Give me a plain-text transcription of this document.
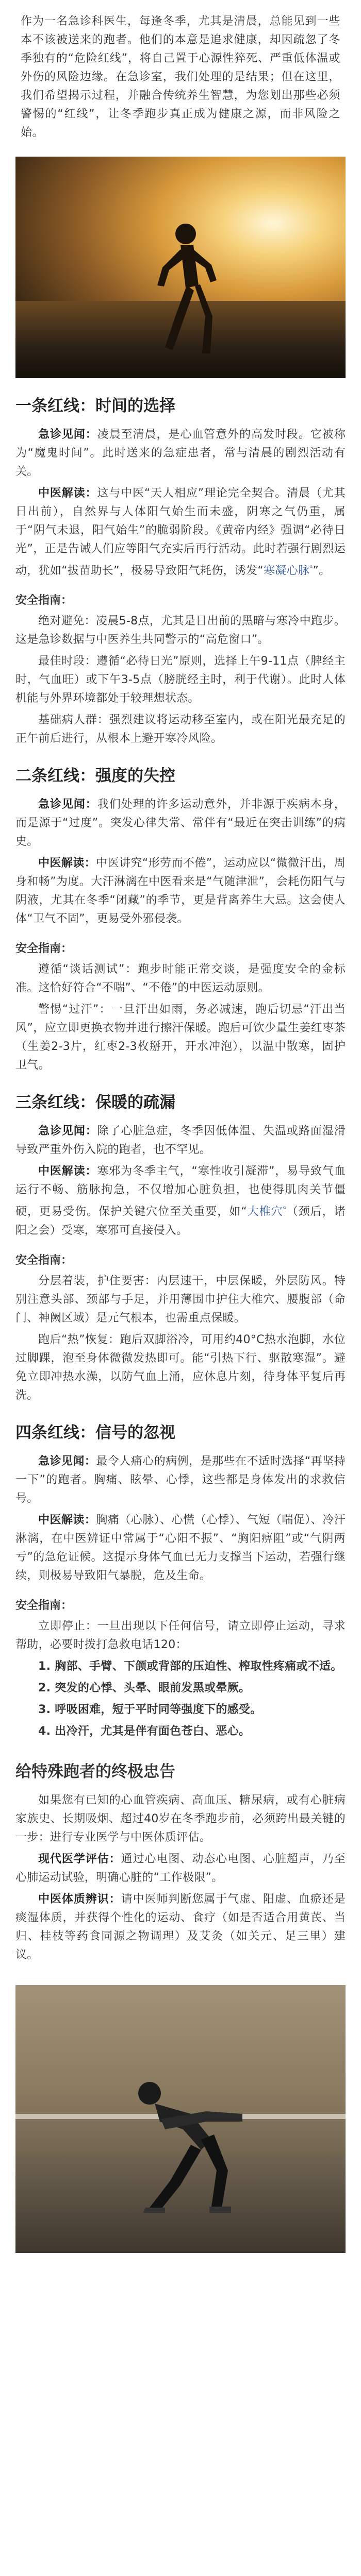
作为一名急诊科医生，每逢冬季，尤其是清晨，总能见到一些本不该被送来的跑者。他们的本意是追求健康，却因疏忽了冬季独有的“危险红线”，将自己置于心源性猝死、严重低体温或外伤的风险边缘。在急诊室，我们处理的是结果；但在这里，我们希望揭示过程，并融合传统养生智慧，为您划出那些必须警惕的“红线”，让冬季跑步真正成为健康之源，而非风险之始。

一条红线：时间的选择

急诊见闻：凌晨至清晨，是心血管意外的高发时段。它被称为“魔鬼时间”。此时送来的急症患者，常与清晨的剧烈活动有关。

中医解读：这与中医“天人相应”理论完全契合。清晨（尤其日出前），自然界与人体阳气始生而未盛，阴寒之气仍重，属于“阴气未退，阳气始生”的脆弱阶段。《黄帝内经》强调“必待日光”，正是告诫人们应等阳气充实后再行活动。此时若强行剧烈运动，犹如“拔苗助长”，极易导致阳气耗伤，诱发“寒凝心脉$^ᴳ$”。

安全指南：

绝对避免：凌晨5-8点，尤其是日出前的黑暗与寒冷中跑步。这是急诊数据与中医养生共同警示的“高危窗口”。

最佳时段：遵循“必待日光”原则，选择上午9-11点（脾经主时，气血旺）或下午3-5点（膀胱经主时，利于代谢）。此时人体机能与外界环境都处于较理想状态。

基础病人群：强烈建议将运动移至室内，或在阳光最充足的正午前后进行，从根本上避开寒冷风险。

二条红线：强度的失控

急诊见闻：我们处理的许多运动意外，并非源于疾病本身，而是源于“过度”。突发心律失常、常伴有“最近在突击训练”的病史。

中医解读：中医讲究“形劳而不倦”，运动应以“微微汗出，周身和畅”为度。大汗淋漓在中医看来是“气随津泄”，会耗伤阳气与阴液，尤其在冬季“闭藏”的季节，更是背离养生大忌。这会使人体“卫气不固”，更易受外邪侵袭。

安全指南：

遵循“谈话测试”：跑步时能正常交谈，是强度安全的金标准。这恰好符合“不喘”、“不倦”的中医运动原则。

警惕“过汗”：一旦汗出如雨，务必减速，跑后切忌“汗出当风”，应立即更换衣物并进行擦汗保暖。跑后可饮少量生姜红枣茶（生姜2-3片，红枣2-3枚掰开，开水冲泡），以温中散寒，固护卫气。

三条红线：保暖的疏漏

急诊见闻：除了心脏急症，冬季因低体温、失温或路面湿滑导致严重外伤入院的跑者，也不罕见。

中医解读：寒邪为冬季主气，“寒性收引凝滞”，易导致气血运行不畅、筋脉拘急，不仅增加心脏负担，也使得肌肉关节僵硬，更易受伤。保护关键穴位至关重要，如“大椎穴$^ᴳ$（颈后，诸阳之会）受寒，寒邪可直接侵入。

安全指南：

分层着装，护住要害：内层速干，中层保暖，外层防风。特别注意头部、颈部与手足，并用薄围巾护住大椎穴、腰腹部（命门、神阙区域）是元气根本，也需重点保暖。

跑后“热”恢复：跑后双脚浴冷，可用约40°C热水泡脚，水位过脚踝，泡至身体微微发热即可。能“引热下行、驱散寒湿”。避免立即冲热水澡，以防气血上涌，应休息片刻，待身体平复后再洗。

四条红线：信号的忽视

急诊见闻：最令人痛心的病例，是那些在不适时选择“再坚持一下”的跑者。胸痛、眩晕、心悸，这些都是身体发出的求救信号。

中医解读：胸痛（心脉）、心慌（心悸）、气短（喘促）、冷汗淋漓，在中医辨证中常属于“心阳不振”、“胸阳痹阻”或“气阴两亏”的急危证候。这提示身体气血已无力支撑当下运动，若强行继续，则极易导致阳气暴脱，危及生命。

安全指南：

立即停止：一旦出现以下任何信号，请立即停止运动，寻求帮助，必要时拨打急救电话120：

1. 胸部、手臂、下颌或背部的压迫性、榨取性疼痛或不适。

2. 突发的心悸、头晕、眼前发黑或晕厥。

3. 呼吸困难，短于平时同等强度下的感受。

4. 出冷汗，尤其是伴有面色苍白、恶心。

给特殊跑者的终极忠告

如果您有已知的心血管疾病、高血压、糖尿病，或有心脏病家族史、长期吸烟、超过40岁在冬季跑步前，必须跨出最关键的一步：进行专业医学与中医体质评估。

现代医学评估：通过心电图、动态心电图、心脏超声，乃至心肺运动试验，明确心脏的“工作极限”。

中医体质辨识：请中医师判断您属于气虚、阳虚、血瘀还是痰湿体质，并获得个性化的运动、食疗（如是否适合用黄芪、当归、桂枝等药食同源之物调理）及艾灸（如关元、足三里）建议。
